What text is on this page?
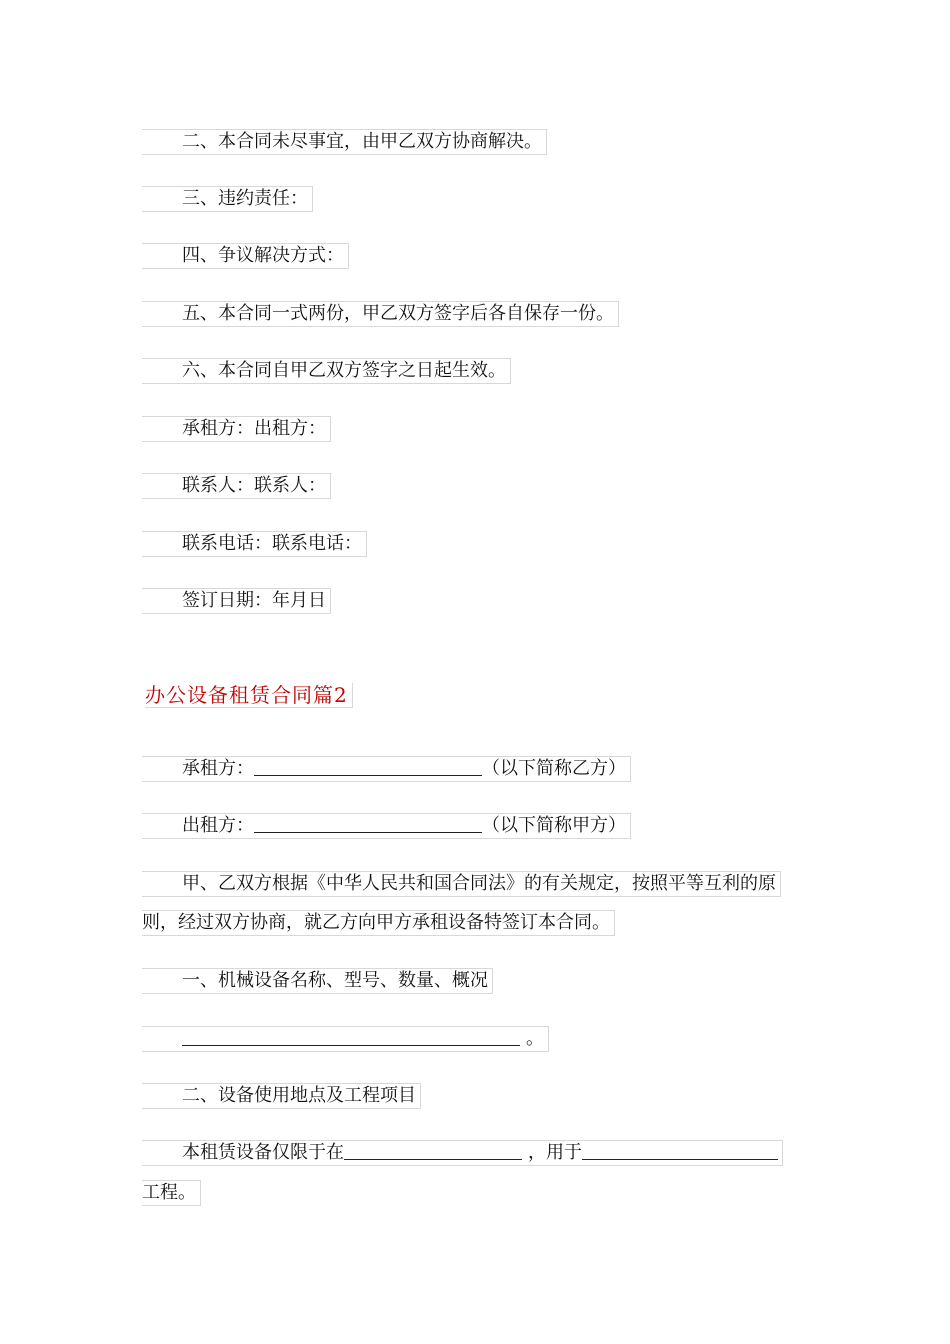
二、本合同未尽事宜，由甲乙双方协商解决。
三、违约责任：
四、争议解决方式：
五、本合同一式两份，甲乙双方签字后各自保存一份。
六、本合同自甲乙双方签字之日起生效。
承租方：出租方：
联系人：联系人：
联系电话：联系电话：
签订日期：年月日
办公设备租赁合同篇2
承租方：	（以下简称乙方）
出租方：	（以下简称甲方）
甲、乙双方根据《中华人民共和国合同法》的有关规定，按照平等互利的原
则，经过双方协商，就乙方向甲方承租设备特签订本合同。
一、机械设备名称、型号、数量、概况
。
二、设备使用地点及工程项目
本租赁设备仅限于在	，用于
工程。
